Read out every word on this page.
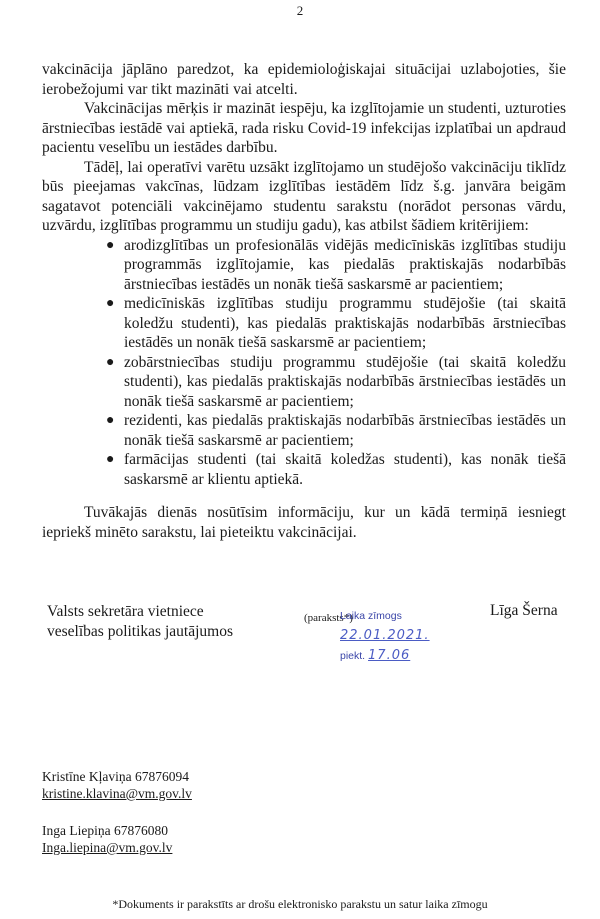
2

vakcinācija jāplāno paredzot, ka epidemioloģiskajai situācijai uzlabojoties, šie ierobežojumi var tikt mazināti vai atcelti.

Vakcinācijas mērķis ir mazināt iespēju, ka izglītojamie un studenti, uzturoties ārstniecības iestādē vai aptiekā, rada risku Covid-19 infekcijas izplatībai un apdraud pacientu veselību un iestādes darbību.

Tādēļ, lai operatīvi varētu uzsākt izglītojamo un studējošo vakcināciju tiklīdz būs pieejamas vakcīnas, lūdzam izglītības iestādēm līdz š.g. janvāra beigām sagatavot potenciāli vakcinējamo studentu sarakstu (norādot personas vārdu, uzvārdu, izglītības programmu un studiju gadu), kas atbilst šādiem kritērijiem:

● arodizglītības un profesionālās vidējās medicīniskās izglītības studiju programmās izglītojamie, kas piedalās praktiskajās nodarbībās ārstniecības iestādēs un nonāk tiešā saskarsmē ar pacientiem;
● medicīniskās izglītības studiju programmu studējošie (tai skaitā koledžu studenti), kas piedalās praktiskajās nodarbībās ārstniecības iestādēs un nonāk tiešā saskarsmē ar pacientiem;
● zobārstniecības studiju programmu studējošie (tai skaitā koledžu studenti), kas piedalās praktiskajās nodarbībās ārstniecības iestādēs un nonāk tiešā saskarsmē ar pacientiem;
● rezidenti, kas piedalās praktiskajās nodarbībās ārstniecības iestādēs un nonāk tiešā saskarsmē ar pacientiem;
● farmācijas studenti (tai skaitā koledžas studenti), kas nonāk tiešā saskarsmē ar klientu aptiekā.

Tuvākajās dienās nosūtīsim informāciju, kur un kādā termiņā iesniegt iepriekš minēto sarakstu, lai pieteiktu vakcinācijai.

Valsts sekretāra vietniece
veselības politikas jautājumos
(paraksts*)
Laika zīmogs 22.01.2021.
piekt. 17.06
Līga Šerna
Kristīne Kļaviņa 67876094
kristine.klavina@vm.gov.lv
Inga Liepiņa 67876080
Inga.liepina@vm.gov.lv
*Dokuments ir parakstīts ar drošu elektronisko parakstu un satur laika zīmogu
